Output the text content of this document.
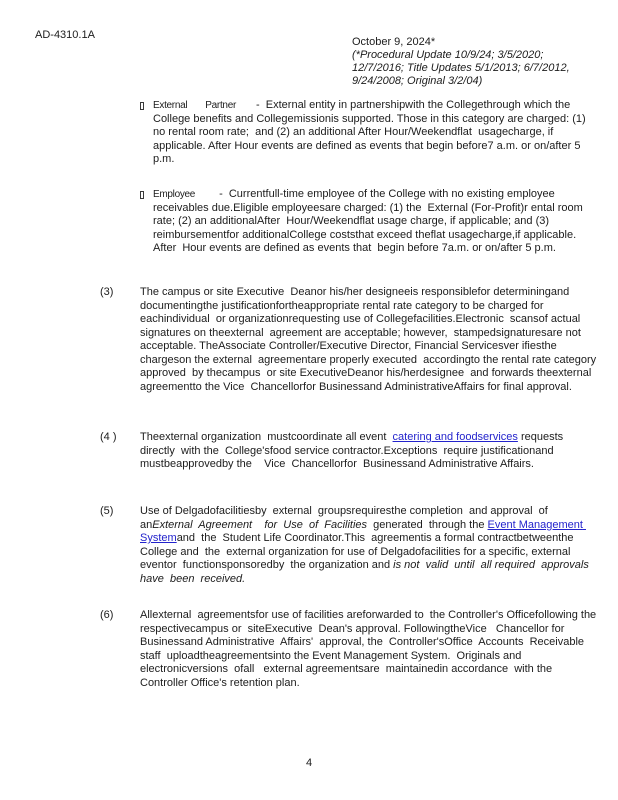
AD-4310.1A
October 9, 2024*
(*Procedural Update 10/9/24; 3/5/2020;
12/7/2016; Title Updates 5/1/2013; 6/7/2012,
9/24/2008; Original 3/2/04)
External Partner -  External entity in partnershipwith the Collegethrough which the  College benefits and Collegemissionis supported. Those in this category are charged: (1) no rental room rate;  and (2) an additional After Hour/Weekendflat  usagecharge, if applicable. After Hour events are defined as events that begin before7 a.m. or on/after 5 p.m.
Employee -  Currentfull-time employee of the College with no existing employee receivables due.Eligible employeesare charged: (1) the  External (For-Profit)r ental room rate; (2) an additionalAfter  Hour/Weekendflat usage charge, if applicable; and (3) reimbursementfor additionalCollege coststhat exceed theflat usagecharge,if applicable. After  Hour events are defined as events that  begin before 7a.m. or on/after 5 p.m.
(3)	The campus or site Executive  Deanor his/her designeeis responsiblefor determiningand documentingthe justificationfortheappropriate rental rate category to be charged for eachindividual  or organizationrequesting use of Collegefacilities.Electronic  scansof actual signatures on theexternal  agreement are acceptable; however,  stampedsignaturesare not acceptable. TheAssociate Controller/Executive Director, Financial Servicesver ifiesthe  chargeson the external  agreementare properly executed  accordingto the rental rate category approved  by thecampus  or site ExecutiveDeanor his/herdesignee  and forwards theexternal  agreementto the Vice  Chancellorfor Businessand AdministrativeAffairs for final approval.
(4 )	Theexternal organization  mustcoordinate all event  catering and foodservices requests directly  with the  College'sfood service contractor.Exceptions  require justificationand  mustbeapprovedby the    Vice  Chancellorfor  Businessand Administrative Affairs.
(5)	Use of Delgadofacilitiesby  external  groupsrequiresthe completion  and approval  of anExternal  Agreement    for  Use  of  Facilities  generated  through the Event Management Systemand  the  Student Life Coordinator.This  agreementis a formal contractbetweenthe  College and  the  external organization for use of Delgadofacilities for a specific, external eventor  functionsponsoredby  the organization and is not  valid  until  all required  approvals    have  been  received.
(6)	Allexternal  agreementsfor use of facilities areforwarded to  the Controller's Officefollowing the  respectivecampus or  siteExecutive  Dean's approval. FollowingtheVice   Chancellor for  Businessand Administrative  Affairs'  approval, the  Controller'sOffice  Accounts  Receivable staff  uploadtheagreementsinto the Event Management System.  Originals and electronicversions  ofall   external agreementsare  maintainedin accordance  with the  Controller Office's retention plan.
4
